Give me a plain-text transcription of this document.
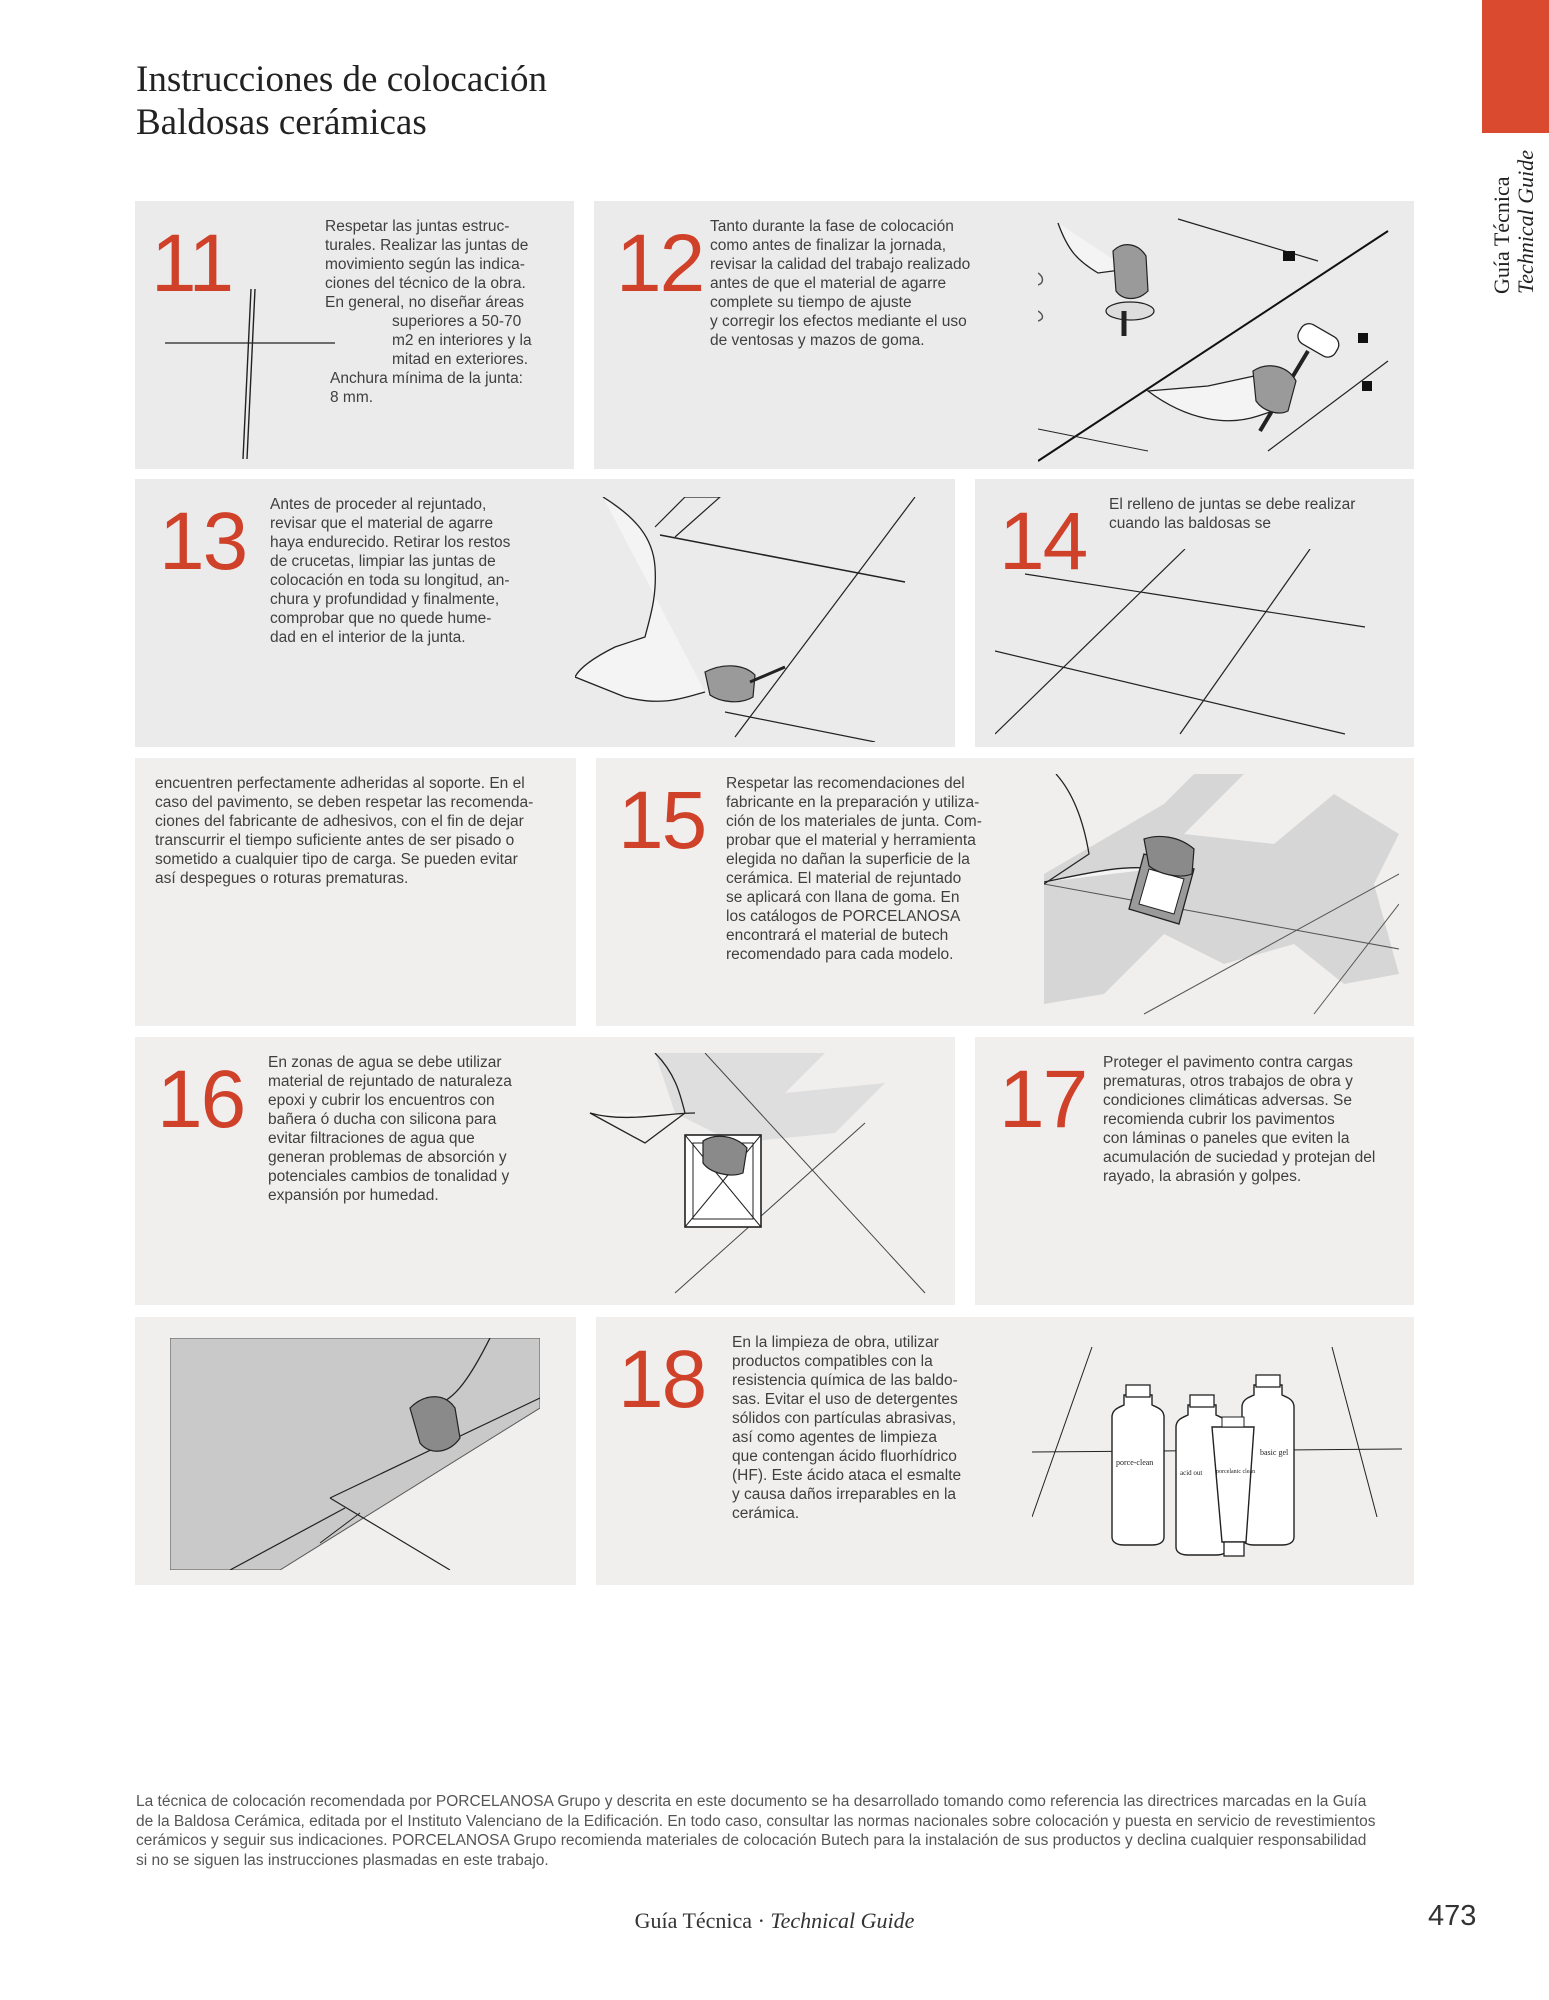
Instrucciones de colocación
Baldosas cerámicas
Guía Técnica Technical Guide
11	Respetar las juntas estruc-
turales. Realizar las juntas de
movimiento según las indica-
ciones del técnico de la obra.
En general, no diseñar áreas
superiores a 50-70
m2 en interiores y la
mitad en exteriores.
Anchura mínima de la junta:
8 mm.
12 Tanto durante la fase de colocación
como antes de finalizar la jornada,
revisar la calidad del trabajo realizado
antes de que el material de agarre
complete su tiempo de ajuste
y corregir los efectos mediante el uso
de ventosas y mazos de goma.
13 Antes de proceder al rejuntado,
revisar que el material de agarre
haya endurecido. Retirar los restos
de crucetas, limpiar las juntas de
colocación en toda su longitud, an-
chura y profundidad y finalmente,
comprobar que no quede hume-
dad en el interior de la junta.
14 El relleno de juntas se debe realizar
cuando las baldosas se
encuentren perfectamente adheridas al soporte. En el
caso del pavimento, se deben respetar las recomenda-
ciones del fabricante de adhesivos, con el fin de dejar
transcurrir el tiempo suficiente antes de ser pisado o
sometido a cualquier tipo de carga. Se pueden evitar
así despegues o roturas prematuras.
15 Respetar las recomendaciones del
fabricante en la preparación y utiliza-
ción de los materiales de junta. Com-
probar que el material y herramienta
elegida no dañan la superficie de la
cerámica. El material de rejuntado
se aplicará con llana de goma. En
los catálogos de PORCELANOSA
encontrará el material de butech
recomendado para cada modelo.
16 En zonas de agua se debe utilizar
material de rejuntado de naturaleza
epoxi y cubrir los encuentros con
bañera ó ducha con silicona para
evitar filtraciones de agua que
generan problemas de absorción y
potenciales cambios de tonalidad y
expansión por humedad.
17 Proteger el pavimento contra cargas
prematuras, otros trabajos de obra y
condiciones climáticas adversas. Se
recomienda cubrir los pavimentos
con láminas o paneles que eviten la
acumulación de suciedad y protejan del
rayado, la abrasión y golpes.
18 En la limpieza de obra, utilizar
productos compatibles con la
resistencia química de las baldo-
sas. Evitar el uso de detergentes
sólidos con partículas abrasivas,
así como agentes de limpieza
que contengan ácido fluorhídrico
(HF). Este ácido ataca el esmalte
y causa daños irreparables en la
cerámica.
porce-clean
acid out porcelanic clean
basic gel
La técnica de colocación recomendada por PORCELANOSA Grupo y descrita en este documento se ha desarrollado tomando como referencia las directrices marcadas en la Guía
de la Baldosa Cerámica, editada por el Instituto Valenciano de la Edificación. En todo caso, consultar las normas nacionales sobre colocación y puesta en servicio de revestimientos
cerámicos y seguir sus indicaciones. PORCELANOSA Grupo recomienda materiales de colocación Butech para la instalación de sus productos y declina cualquier responsabilidad
si no se siguen las instrucciones plasmadas en este trabajo.
Guía Técnica · Technical Guide	473
